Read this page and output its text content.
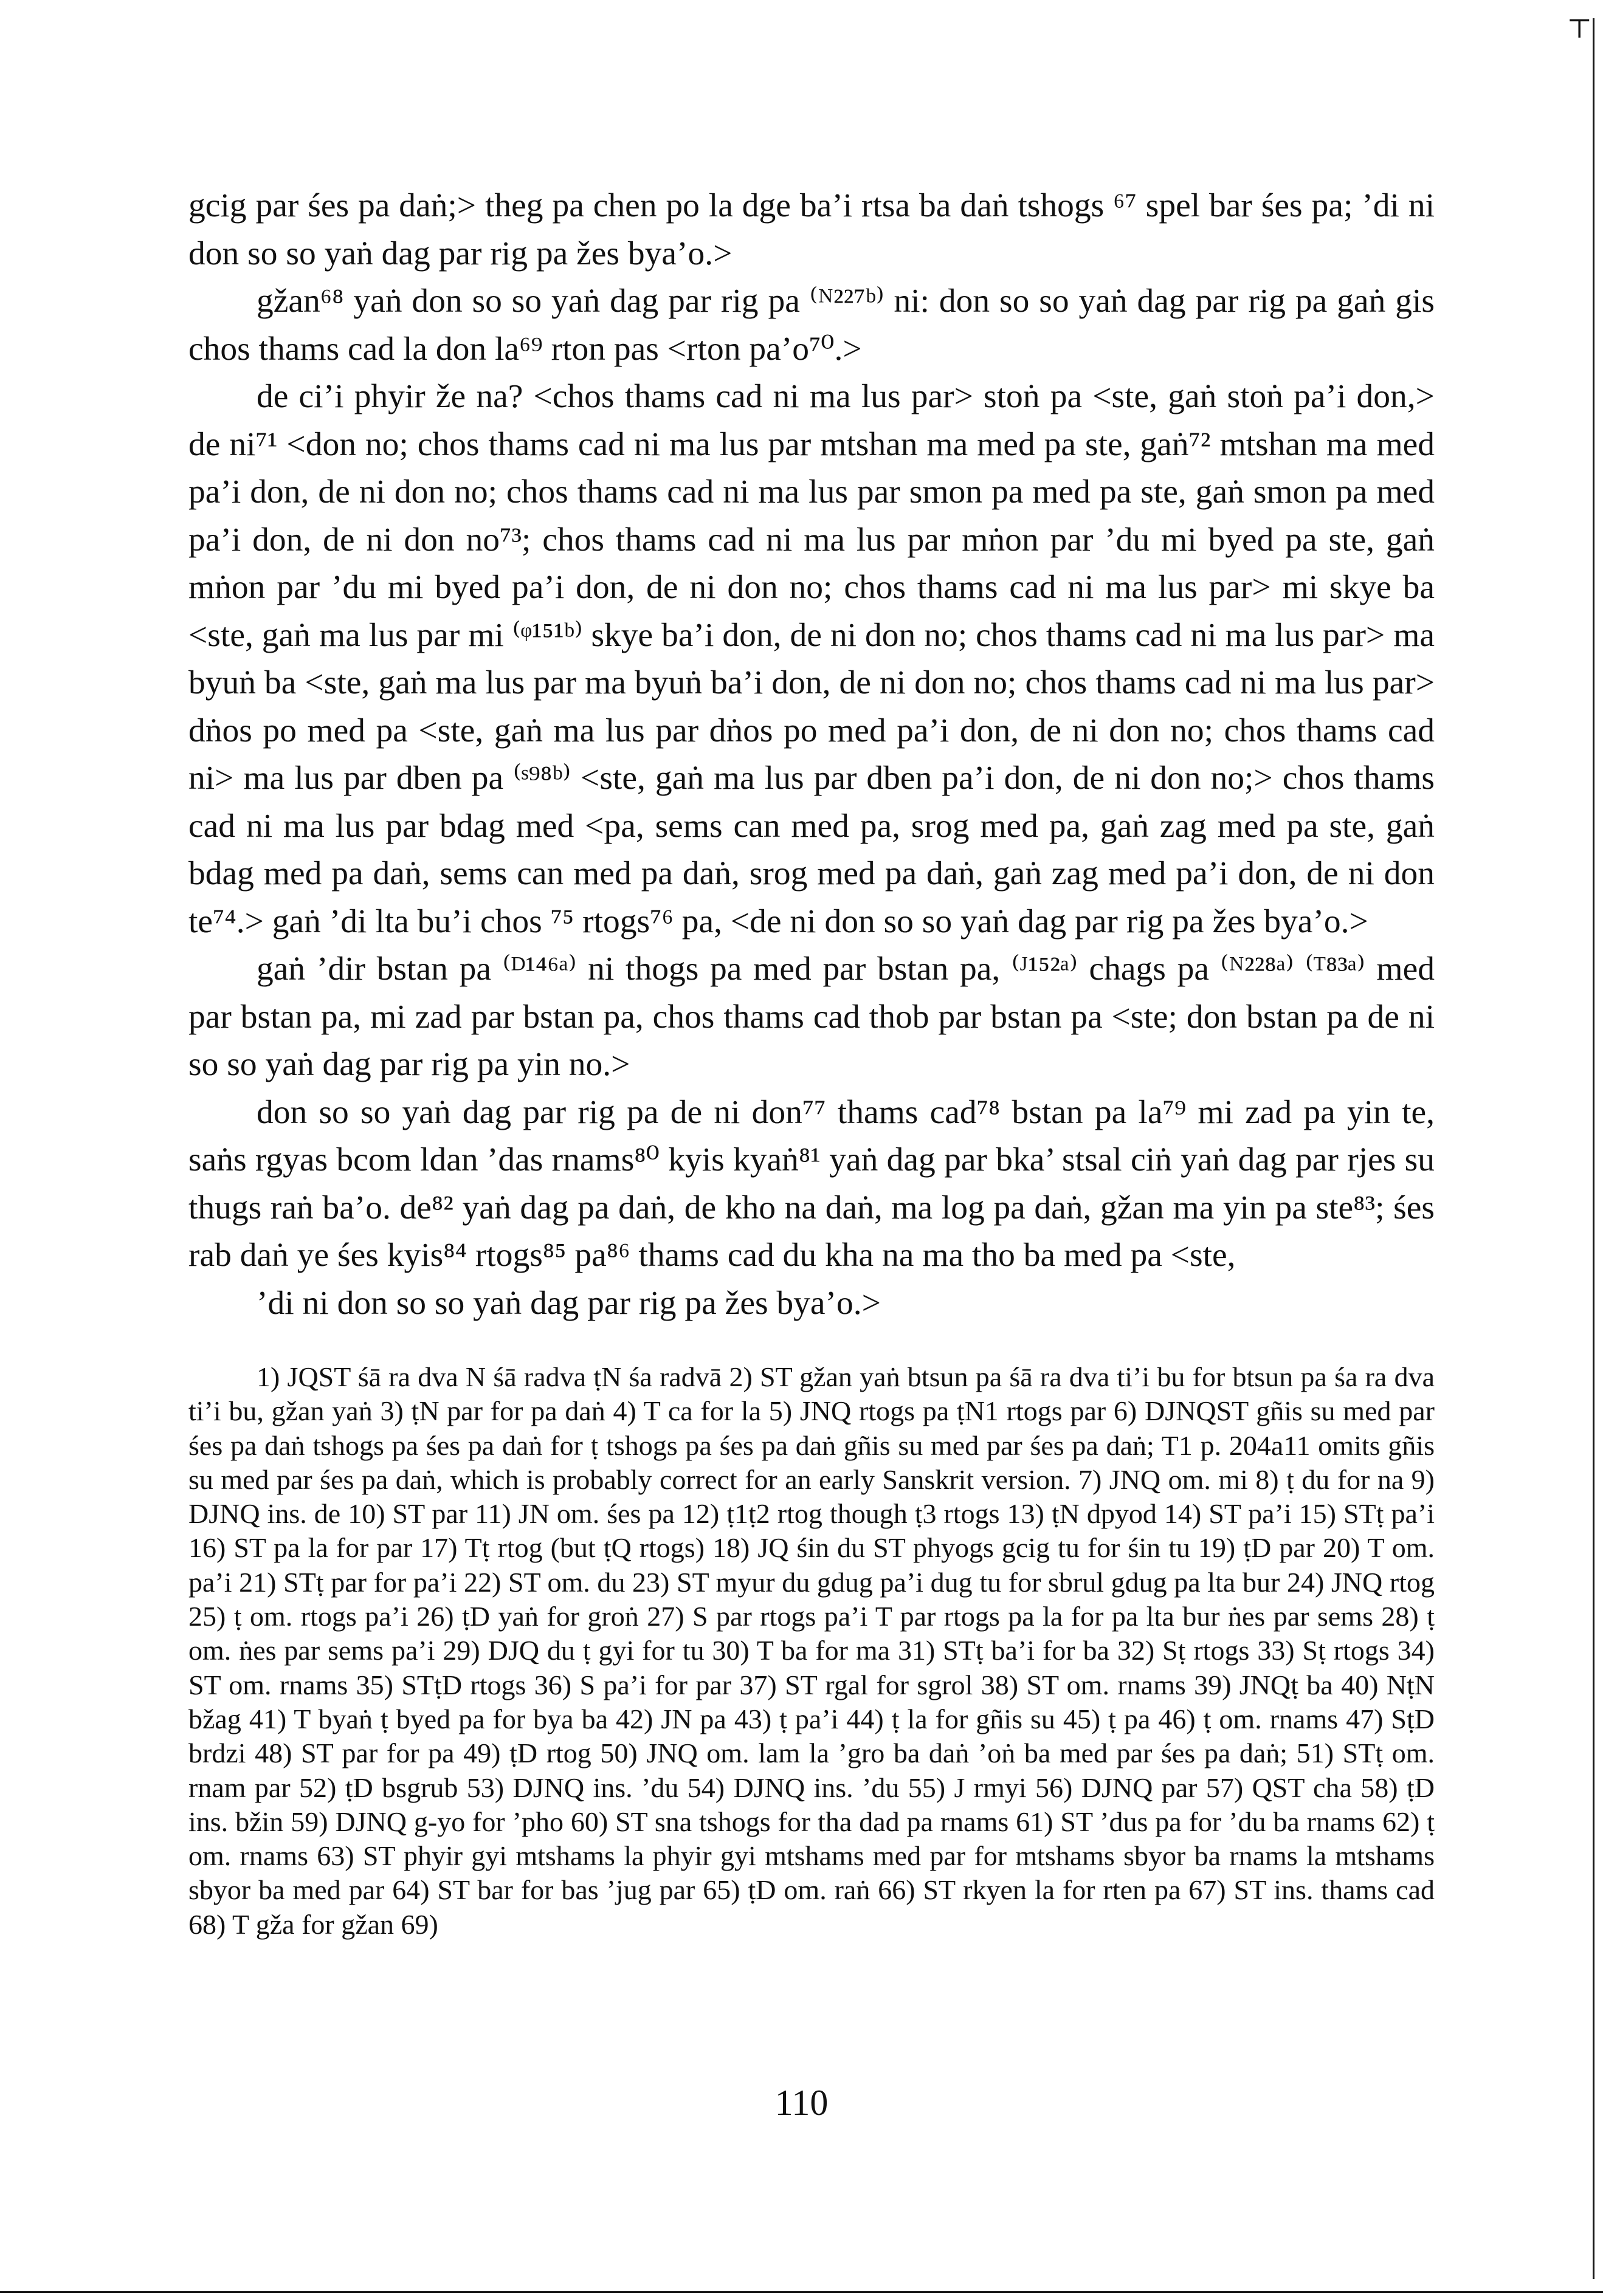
⊤

gcig par śes pa daṅ;˃ theg pa chen po la dge ba’i rtsa ba daṅ tshogs ⁶⁷ spel bar śes pa; ’di ni don so so yaṅ dag par rig pa žes bya’o.˃

gžan⁶⁸ yaṅ don so so yaṅ dag par rig pa ⁽ᴺ²²⁷ᵇ⁾ ni: don so so yaṅ dag par rig pa gaṅ gis chos thams cad la don la⁶⁹ rton pas ˂rton pa’o⁷⁰.˃

de ci’i phyir že na? ˂chos thams cad ni ma lus par˃ stoṅ pa ˂ste, gaṅ stoṅ pa’i don,˃ de ni⁷¹ ˂don no; chos thams cad ni ma lus par mtshan ma med pa ste, gaṅ⁷² mtshan ma med pa’i don, de ni don no; chos thams cad ni ma lus par smon pa med pa ste, gaṅ smon pa med pa’i don, de ni don no⁷³; chos thams cad ni ma lus par mṅon par ’du mi byed pa ste, gaṅ mṅon par ’du mi byed pa’i don, de ni don no; chos thams cad ni ma lus par˃ mi skye ba ˂ste, gaṅ ma lus par mi ⁽ᵠ¹⁵¹ᵇ⁾ skye ba’i don, de ni don no; chos thams cad ni ma lus par˃ ma byuṅ ba ˂ste, gaṅ ma lus par ma byuṅ ba’i don, de ni don no; chos thams cad ni ma lus par˃ dṅos po med pa ˂ste, gaṅ ma lus par dṅos po med pa’i don, de ni don no; chos thams cad ni˃ ma lus par dben pa ⁽ˢ⁹⁸ᵇ⁾ ˂ste, gaṅ ma lus par dben pa’i don, de ni don no;˃ chos thams cad ni ma lus par bdag med ˂pa, sems can med pa, srog med pa, gaṅ zag med pa ste, gaṅ bdag med pa daṅ, sems can med pa daṅ, srog med pa daṅ, gaṅ zag med pa’i don, de ni don te⁷⁴.˃ gaṅ ’di lta bu’i chos ⁷⁵ rtogs⁷⁶ pa, ˂de ni don so so yaṅ dag par rig pa žes bya’o.˃

gaṅ ’dir bstan pa ⁽ᴰ¹⁴⁶ᵃ⁾ ni thogs pa med par bstan pa, ⁽ᴶ¹⁵²ᵃ⁾ chags pa ⁽ᴺ²²⁸ᵃ⁾ ⁽ᵀ⁸³ᵃ⁾ med par bstan pa, mi zad par bstan pa, chos thams cad thob par bstan pa ˂ste; don bstan pa de ni so so yaṅ dag par rig pa yin no.˃

don so so yaṅ dag par rig pa de ni don⁷⁷ thams cad⁷⁸ bstan pa la⁷⁹ mi zad pa yin te, saṅs rgyas bcom ldan ’das rnams⁸⁰ kyis kyaṅ⁸¹ yaṅ dag par bka’ stsal ciṅ yaṅ dag par rjes su thugs raṅ ba’o. de⁸² yaṅ dag pa daṅ, de kho na daṅ, ma log pa daṅ, gžan ma yin pa ste⁸³; śes rab daṅ ye śes kyis⁸⁴ rtogs⁸⁵ pa⁸⁶ thams cad du kha na ma tho ba med pa ˂ste,

’di ni don so so yaṅ dag par rig pa žes bya’o.˃

1) JQST śā ra dva N śā radva ṭN śa radvā 2) ST gžan yaṅ btsun pa śā ra dva ti’i bu for btsun pa śa ra dva ti’i bu, gžan yaṅ 3) ṭN par for pa daṅ 4) T ca for la 5) JNQ rtogs pa ṭN1 rtogs par 6) DJNQST gñis su med par śes pa daṅ tshogs pa śes pa daṅ for ṭ tshogs pa śes pa daṅ gñis su med par śes pa daṅ; T1 p. 204a11 omits gñis su med par śes pa daṅ, which is probably correct for an early Sanskrit version. 7) JNQ om. mi 8) ṭ du for na 9) DJNQ ins. de 10) ST par 11) JN om. śes pa 12) ṭ1ṭ2 rtog though ṭ3 rtogs 13) ṭN dpyod 14) ST pa’i 15) STṭ pa’i 16) ST pa la for par 17) Tṭ rtog (but ṭQ rtogs) 18) JQ śin du ST phyogs gcig tu for śin tu 19) ṭD par 20) T om. pa’i 21) STṭ par for pa’i 22) ST om. du 23) ST myur du gdug pa’i dug tu for sbrul gdug pa lta bur 24) JNQ rtog 25) ṭ om. rtogs pa’i 26) ṭD yaṅ for groṅ 27) S par rtogs pa’i T par rtogs pa la for pa lta bur ṅes par sems 28) ṭ om. ṅes par sems pa’i 29) DJQ du ṭ gyi for tu 30) T ba for ma 31) STṭ ba’i for ba 32) Sṭ rtogs 33) Sṭ rtogs 34) ST om. rnams 35) STṭD rtogs 36) S pa’i for par 37) ST rgal for sgrol 38) ST om. rnams 39) JNQṭ ba 40) NṭN bžag 41) T byaṅ ṭ byed pa for bya ba 42) JN pa 43) ṭ pa’i 44) ṭ la for gñis su 45) ṭ pa 46) ṭ om. rnams 47) SṭD brdzi 48) ST par for pa 49) ṭD rtog 50) JNQ om. lam la ’gro ba daṅ ’oṅ ba med par śes pa daṅ; 51) STṭ om. rnam par 52) ṭD bsgrub 53) DJNQ ins. ’du 54) DJNQ ins. ’du 55) J rmyi 56) DJNQ par 57) QST cha 58) ṭD ins. bžin 59) DJNQ g-yo for ’pho 60) ST sna tshogs for tha dad pa rnams 61) ST ’dus pa for ’du ba rnams 62) ṭ om. rnams 63) ST phyir gyi mtshams la phyir gyi mtshams med par for mtshams sbyor ba rnams la mtshams sbyor ba med par 64) ST bar for bas ’jug par 65) ṭD om. raṅ 66) ST rkyen la for rten pa 67) ST ins. thams cad 68) T gža for gžan 69)

110
